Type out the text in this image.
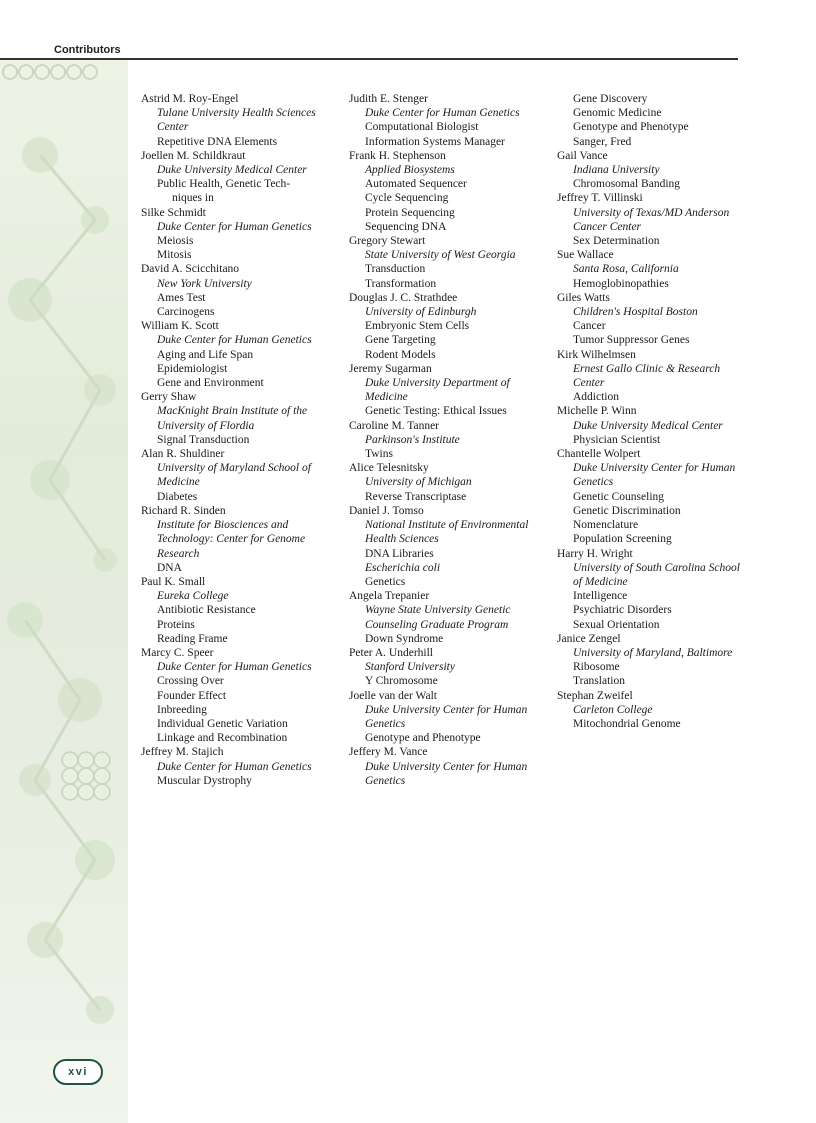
Contributors
Astrid M. Roy-Engel
Tulane University Health Sciences
Center
Repetitive DNA Elements
Joellen M. Schildkraut
Duke University Medical Center
Public Health, Genetic Tech-
niques in
Silke Schmidt
Duke Center for Human Genetics
Meiosis
Mitosis
David A. Scicchitano
New York University
Ames Test
Carcinogens
William K. Scott
Duke Center for Human Genetics
Aging and Life Span
Epidemiologist
Gene and Environment
Gerry Shaw
MacKnight Brain Institute of the
University of Flordia
Signal Transduction
Alan R. Shuldiner
University of Maryland School of
Medicine
Diabetes
Richard R. Sinden
Institute for Biosciences and
Technology: Center for Genome
Research
DNA
Paul K. Small
Eureka College
Antibiotic Resistance
Proteins
Reading Frame
Marcy C. Speer
Duke Center for Human Genetics
Crossing Over
Founder Effect
Inbreeding
Individual Genetic Variation
Linkage and Recombination
Jeffrey M. Stajich
Duke Center for Human Genetics
Muscular Dystrophy
Judith E. Stenger
Duke Center for Human Genetics
Computational Biologist
Information Systems Manager
Frank H. Stephenson
Applied Biosystems
Automated Sequencer
Cycle Sequencing
Protein Sequencing
Sequencing DNA
Gregory Stewart
State University of West Georgia
Transduction
Transformation
Douglas J. C. Strathdee
University of Edinburgh
Embryonic Stem Cells
Gene Targeting
Rodent Models
Jeremy Sugarman
Duke University Department of
Medicine
Genetic Testing: Ethical Issues
Caroline M. Tanner
Parkinson's Institute
Twins
Alice Telesnitsky
University of Michigan
Reverse Transcriptase
Daniel J. Tomso
National Institute of Environmental
Health Sciences
DNA Libraries
Escherichia coli
Genetics
Angela Trepanier
Wayne State University Genetic
Counseling Graduate Program
Down Syndrome
Peter A. Underhill
Stanford University
Y Chromosome
Joelle van der Walt
Duke University Center for Human
Genetics
Genotype and Phenotype
Jeffery M. Vance
Duke University Center for Human
Genetics
Gene Discovery
Genomic Medicine
Genotype and Phenotype
Sanger, Fred
Gail Vance
Indiana University
Chromosomal Banding
Jeffrey T. Villinski
University of Texas/MD Anderson
Cancer Center
Sex Determination
Sue Wallace
Santa Rosa, California
Hemoglobinopathies
Giles Watts
Children's Hospital Boston
Cancer
Tumor Suppressor Genes
Kirk Wilhelmsen
Ernest Gallo Clinic & Research
Center
Addiction
Michelle P. Winn
Duke University Medical Center
Physician Scientist
Chantelle Wolpert
Duke University Center for Human
Genetics
Genetic Counseling
Genetic Discrimination
Nomenclature
Population Screening
Harry H. Wright
University of South Carolina School
of Medicine
Intelligence
Psychiatric Disorders
Sexual Orientation
Janice Zengel
University of Maryland, Baltimore
Ribosome
Translation
Stephan Zweifel
Carleton College
Mitochondrial Genome
xvi
